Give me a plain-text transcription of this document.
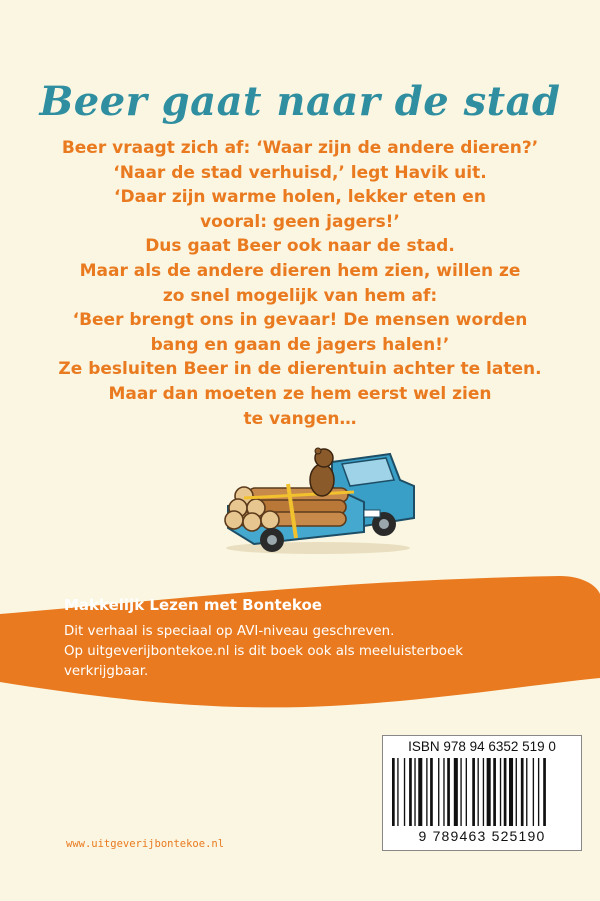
Beer gaat naar de stad
Beer vraagt zich af: ‘Waar zijn de andere dieren?’
‘Naar de stad verhuisd,’ legt Havik uit.
‘Daar zijn warme holen, lekker eten en
vooral: geen jagers!’
Dus gaat Beer ook naar de stad.
Maar als de andere dieren hem zien, willen ze
zo snel mogelijk van hem af:
‘Beer brengt ons in gevaar! De mensen worden
bang en gaan de jagers halen!’
Ze besluiten Beer in de dierentuin achter te laten.
Maar dan moeten ze hem eerst wel zien
te vangen…
Makkelijk Lezen met Bontekoe
Dit verhaal is speciaal op AVI-niveau geschreven.
Op uitgeverijbontekoe.nl is dit boek ook als meeluisterboek
verkrijgbaar.
ISBN 978 94 6352 519 0
9 789463 525190
www.uitgeverijbontekoe.nl
